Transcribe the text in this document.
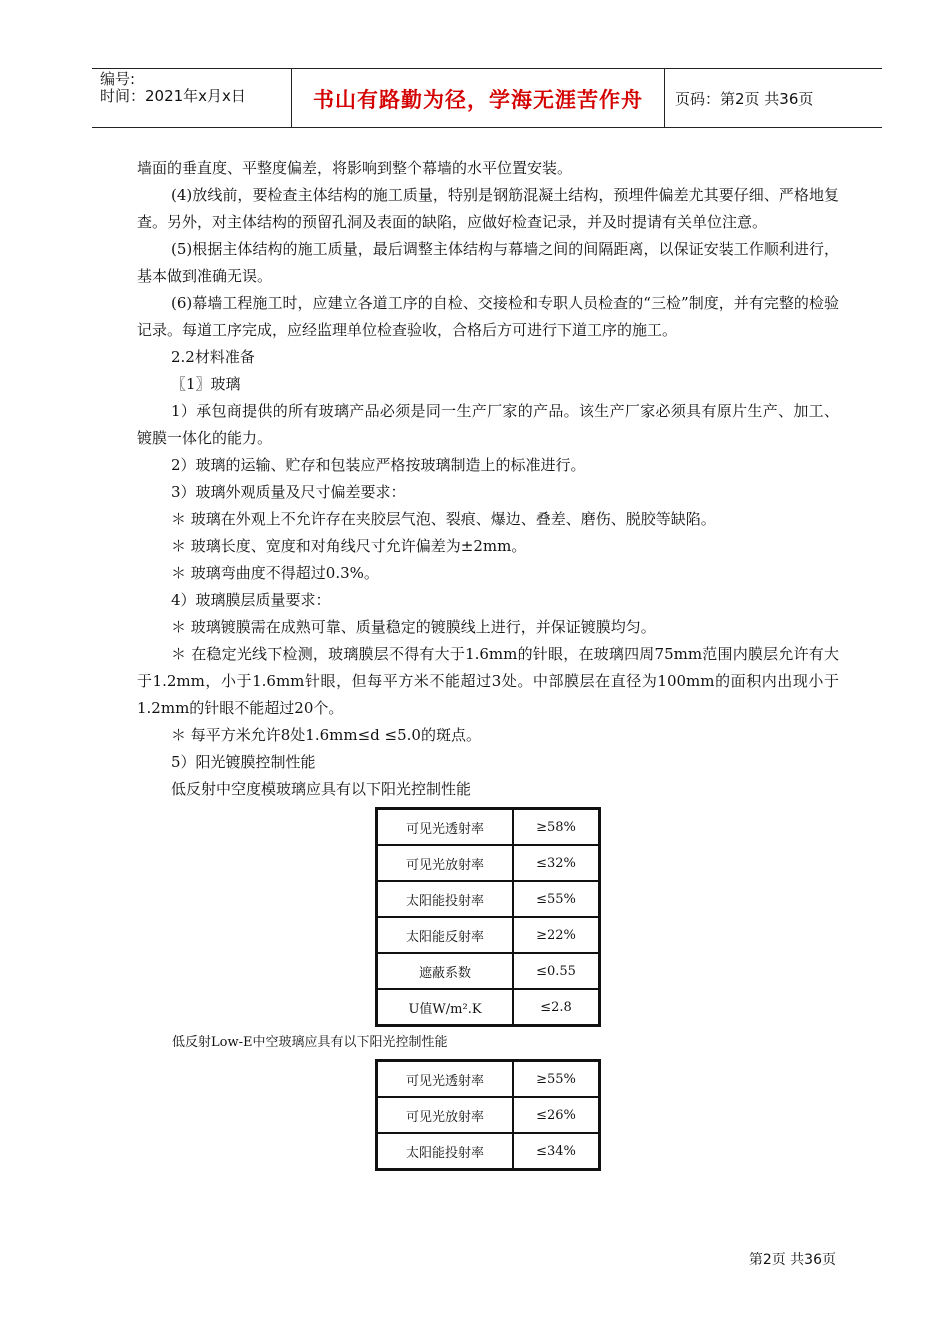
编号:
时间：2021年x月x日	书山有路勤为径，学海无涯苦作舟	页码：第2页 共36页

墙面的垂直度、平整度偏差，将影响到整个幕墙的水平位置安装。

(4)放线前，要检查主体结构的施工质量，特别是钢筋混凝土结构，预埋件偏差尤其要仔细、严格地复查。另外，对主体结构的预留孔洞及表面的缺陷，应做好检查记录，并及时提请有关单位注意。

(5)根据主体结构的施工质量，最后调整主体结构与幕墙之间的间隔距离，以保证安装工作顺利进行，基本做到准确无误。

(6)幕墙工程施工时，应建立各道工序的自检、交接检和专职人员检查的“三检”制度，并有完整的检验记录。每道工序完成，应经监理单位检查验收，合格后方可进行下道工序的施工。

2.2材料准备

〖1〗玻璃

1）承包商提供的所有玻璃产品必须是同一生产厂家的产品。该生产厂家必须具有原片生产、加工、镀膜一体化的能力。

2）玻璃的运输、贮存和包装应严格按玻璃制造上的标准进行。

3）玻璃外观质量及尺寸偏差要求：

＊ 玻璃在外观上不允许存在夹胶层气泡、裂痕、爆边、叠差、磨伤、脱胶等缺陷。

＊ 玻璃长度、宽度和对角线尺寸允许偏差为±2mm。

＊ 玻璃弯曲度不得超过0.3%。

4）玻璃膜层质量要求：

＊ 玻璃镀膜需在成熟可靠、质量稳定的镀膜线上进行，并保证镀膜均匀。

＊ 在稳定光线下检测，玻璃膜层不得有大于1.6mm的针眼，在玻璃四周75mm范围内膜层允许有大于1.2mm，小于1.6mm针眼，但每平方米不能超过3处。中部膜层在直径为100mm的面积内出现小于1.2mm的针眼不能超过20个。

＊ 每平方米允许8处1.6mm≤d ≤5.0的斑点。

5）阳光镀膜控制性能

低反射中空度模玻璃应具有以下阳光控制性能

可见光透射率	≥58%
可见光放射率	≤32%
太阳能投射率	≤55%
太阳能反射率	≥22%
遮蔽系数	≤0.55
U值W/m².K	≤2.8
低反射Low-E中空玻璃应具有以下阳光控制性能
可见光透射率	≥55%
可见光放射率	≤26%
太阳能投射率	≤34%
第2页 共36页
